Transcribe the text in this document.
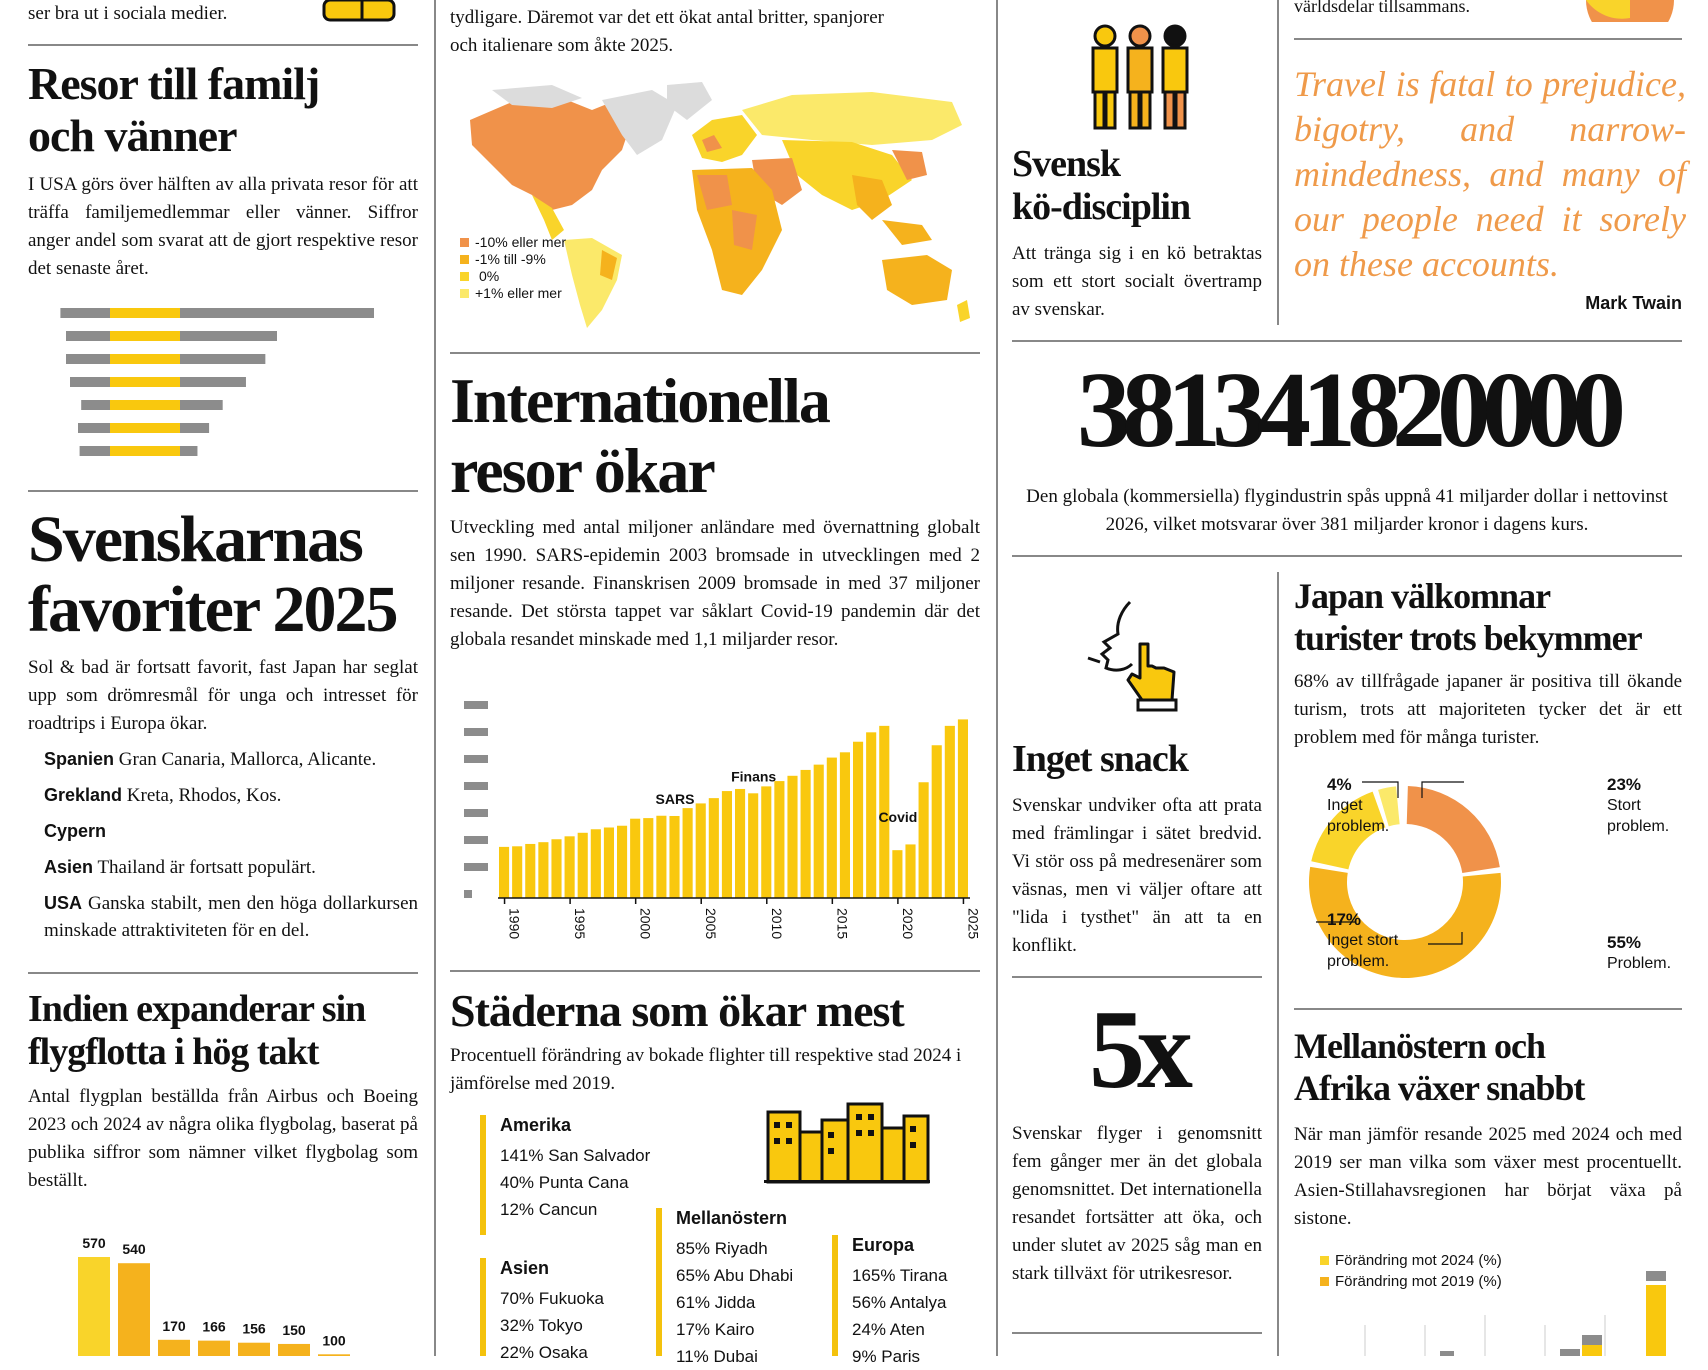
ser bra ut i sociala medier.
Resor till familj
och vänner
I USA görs över hälften av alla privata resor för att träffa familjemedlemmar eller vänner. Siffror anger andel som svarat att de gjort respektive resor det senaste året.
Svenskarnas
favoriter 2025
Sol & bad är fortsatt favorit, fast Japan har seglat upp som drömresmål för unga och intresset för roadtrips i Europa ökar.

Spanien Gran Canaria, Mallorca, Alicante.

Grekland Kreta, Rhodos, Kos.

Cypern

Asien Thailand är fortsatt populärt.

USA Ganska stabilt, men den höga dollarkursen minskade attraktiviteten för en del.

Indien expanderar sin
flygflotta i hög takt
Antal flygplan beställda från Airbus och Boeing 2023 och 2024 av några olika flygbolag, baserat på publika siffror som nämner vilket flygbolag som beställt.
570 540
170 166 156 150
100
tydligare. Däremot var det ett ökat antal britter, spanjorer
och italienare som åkte 2025.
-10% eller mer
-1% till -9%
0%
+1% eller mer
Internationella
resor ökar
Utveckling med antal miljoner anländare med övernattning globalt sen 1990. SARS-epidemin 2003 bromsade in utvecklingen med 2 miljoner resande. Finanskrisen 2009 bromsade in med 37 miljoner resande. Det största tappet var såklart Covid-19 pandemin där det globala resandet minskade med 1,1 miljarder resor.
1990	1995	2000	2005	2010	2015	2020	2025
SARS
Finans
Covid
Städerna som ökar mest
Procentuell förändring av bokade flighter till respektive stad 2024 i jämförelse med 2019.
Amerika
141% San Salvador
40% Punta Cana
12% Cancun
Asien
70% Fukuoka
32% Tokyo
22% Osaka
Mellanöstern
85% Riyadh
65% Abu Dhabi
61% Jidda
17% Kairo
11% Dubai
Europa
165% Tirana
56% Antalya
24% Aten
9% Paris
Svensk
kö-disciplin
Att tränga sig i en kö betraktas som ett stort socialt övertramp av svenskar.
381341820000
Den globala (kommersiella) flygindustrin spås uppnå 41 miljarder dollar i nettovinst 2026, vilket motsvarar över 381 miljarder kronor i dagens kurs.
Inget snack
Svenskar undviker ofta att prata med främlingar i sätet bredvid. Vi stör oss på medresenärer som väsnas, men vi väljer oftare att "lida i tysthet" än att ta en konflikt.
5x
Svenskar flyger i genomsnitt fem gånger mer än det globala genomsnittet. Det internationella resandet fortsätter att öka, och under slutet av 2025 såg man en stark tillväxt för utrikesresor.
världsdelar tillsammans.
Travel is fatal to prejudice, bigotry, and narrow-mindedness, and many of our people need it sorely on these accounts.
Mark Twain
Japan välkomnar
turister trots bekymmer
68% av tillfrågade japaner är positiva till ökande turism, trots att majoriteten tycker det är ett problem med för många turister.
4%
Inget
problem.
23%
Stort
problem.
17%
Inget stort
problem.
55%
Problem.
Mellanöstern och
Afrika växer snabbt
När man jämför resande 2025 med 2024 och med 2019 ser man vilka som växer mest procentuellt. Asien-Stillahavsregionen har börjat växa på sistone.
Förändring mot 2024 (%)
Förändring mot 2019 (%)
